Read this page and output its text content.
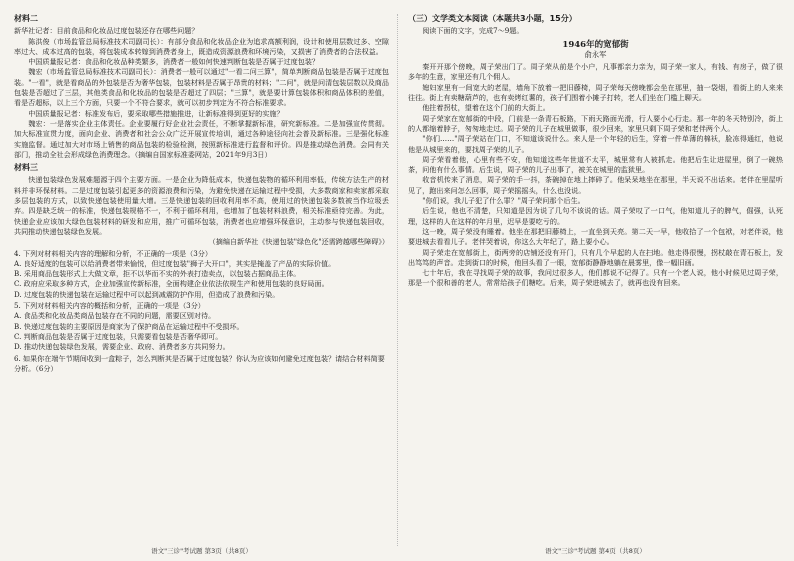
材料二

新华社记者：目前食品和化妆品过度包装还存在哪些问题？

陈洪俊（市场监管总局标准技术司副司长）：有部分食品和化妆品企业为追求高额利润，设计和使用层数过多、空隙率过大、成本过高的包装，将包装成本转嫁到消费者身上，既造成资源浪费和环境污染，又损害了消费者的合法权益。

中国质量报记者：食品和化妆品种类繁多，消费者一般如何快速判断包装是否属于过度包装？

魏宏（市场监管总局标准技术司副司长）：消费者一般可以通过"一看二问三算"，简单判断商品包装是否属于过度包装。"一看"，就是看商品的外包装是否为奢华包装，包装材料是否属于昂贵的材料；"二问"，就是问清包装层数以及商品包装是否超过了三层，其他类食品和化妆品的包装是否超过了四层；"三算"，就是要计算包装体积和商品体积的差值，看是否超标，以上三个方面，只要一个不符合要求，就可以初步判定为不符合标准要求。

中国质量报记者：标准发布后，要采取哪些措施推进，让新标准得到更好的实施？

魏宏：一是落实企业主体责任。企业要履行好企业社会责任，不断掌握新标准，研究新标准。二是加强宣传贯彻。加大标准宣贯力度，面向企业、消费者和社会公众广泛开展宣传培训，通过各种途径向社会普及新标准。三是强化标准实施监督。通过加大对市场上销售的商品包装的检验检测，按照新标准进行监督和评价。四是推动绿色消费。会同有关部门，推动全社会形成绿色消费理念。（摘编自国家标准委网站，2021年9月3日）

材料三

快递包装绿色发展难题源于四个主要方面。一是企业为降低成本，快递包装物的循环利用率低，传统方法生产的材料并非环保材料。二是过度包装引起更多的资源浪费和污染，为避免快递在运输过程中受损，大多数商家和卖家都采取多层包装的方式，以致快递包装使用量大增。三是快递包装的回收利用率不高，使用过的快递包装多数被当作垃圾丢弃。四是缺乏统一的标准，快递包装规格不一，不利于循环利用，也增加了包装材料浪费，相关标准亟待完善。为此，快递企业应该加大绿色包装材料的研发和应用，推广可循环包装，消费者也应增强环保意识，主动参与快递包装回收，共同推动快递包装绿色发展。

（摘编自新华社《快递包装"绿色化"还需跨越哪些障碍》）

4. 下列对材料相关内容的理解和分析，不正确的一项是（3分）

A. 良好适度的包装可以给消费者带来愉悦，但过度包装"狮子大开口"，其实是掩盖了产品的实际价值。

B. 采用商品包装形式上大做文章，拒不以华而不实的外表打造卖点，以包装占据商品主体。

C. 政府应采取多种方式，企业加强宣传新标准，全面构建企业依法依规生产和使用包装的良好局面。

D. 过度包装的快递包装在运输过程中可以起到减震防护作用，但造成了浪费和污染。

5. 下列对材料相关内容的概括和分析，正确的一项是（3分）

A. 食品类和化妆品类商品包装存在不同的问题，需要区别对待。

B. 快递过度包装的主要原因是商家为了保护商品在运输过程中不受损坏。

C. 判断商品包装是否属于过度包装，只需要看包装是否奢华即可。

D. 推动快递包装绿色发展，需要企业、政府、消费者多方共同努力。

6. 如果你在端午节期间收到一盒粽子，怎么判断其是否属于过度包装？你认为应该如何避免过度包装？请结合材料简要分析。（6分）

（三）文学类文本阅读（本题共3小题，15分）

阅读下面的文字，完成7～9题。

1946年的宽郁街
俞永军

秦开开那个傍晚，周子荣出门了。周子荣从前是个小户，凡事都亲力亲为，周子荣一家人，有钱、有房子，做了很多年的生意，家里还有几个佣人。

媳妇家里有一间宽大的老屋，墙角下放着一把旧藤椅，周子荣每天傍晚都会坐在那里，抽一袋烟，看街上的人来来往往。街上有卖糖葫芦的，也有卖烤红薯的，孩子们围着小摊子打转，老人们坐在门槛上聊天。

他拄着拐杖，望着在这个门前的大街上。

周子荣家在宽郁街的中段，门前是一条青石板路，下雨天路面光滑，行人要小心行走。那一年的冬天特别冷，街上的人都缩着脖子，匆匆地走过。周子荣的儿子在城里做事，很少回来，家里只剩下周子荣和老伴两个人。

"你们……"周子荣站在门口，不知道该说什么。来人是一个年轻的后生，穿着一件单薄的棉袄，脸冻得通红，他说他是从城里来的，要找周子荣的儿子。

周子荣看着他，心里有些不安，他知道这些年世道不太平，城里常有人被抓走。他把后生让进屋里，倒了一碗热茶，问他有什么事情。后生说，周子荣的儿子出事了，被关在城里的监狱里。

收音机传来了消息，周子荣的手一抖，茶碗掉在地上摔碎了。他呆呆地坐在那里，半天说不出话来。老伴在里屋听见了，跑出来问怎么回事，周子荣摇摇头，什么也没说。

"你们说，我儿子犯了什么罪？"周子荣问那个后生。

后生说，他也不清楚，只知道是因为说了几句不该说的话。周子荣叹了一口气，他知道儿子的脾气，倔强，认死理，这样的人在这样的年月里，迟早是要吃亏的。

这一晚，周子荣没有睡着。他坐在那把旧藤椅上，一直坐到天亮。第二天一早，他收拾了一个包袱，对老伴说，他要进城去看看儿子。老伴哭着说，你这么大年纪了，路上要小心。

周子荣走在宽郁街上，街两旁的店铺还没有开门，只有几个早起的人在扫地。他走得很慢，拐杖敲在青石板上，发出笃笃的声音。走到街口的时候，他回头看了一眼，宽郁街静静地躺在晨雾里，像一幅旧画。

七十年后，我在寻找周子荣的故事，我问过很多人，他们都说不记得了。只有一个老人说，他小时候见过周子荣，那是一个很和善的老人，常常给孩子们糖吃。后来，周子荣进城去了，就再也没有回来。

语文"三诊"考试题 第3页（共8页）	语文"三诊"考试题 第4页（共8页）
